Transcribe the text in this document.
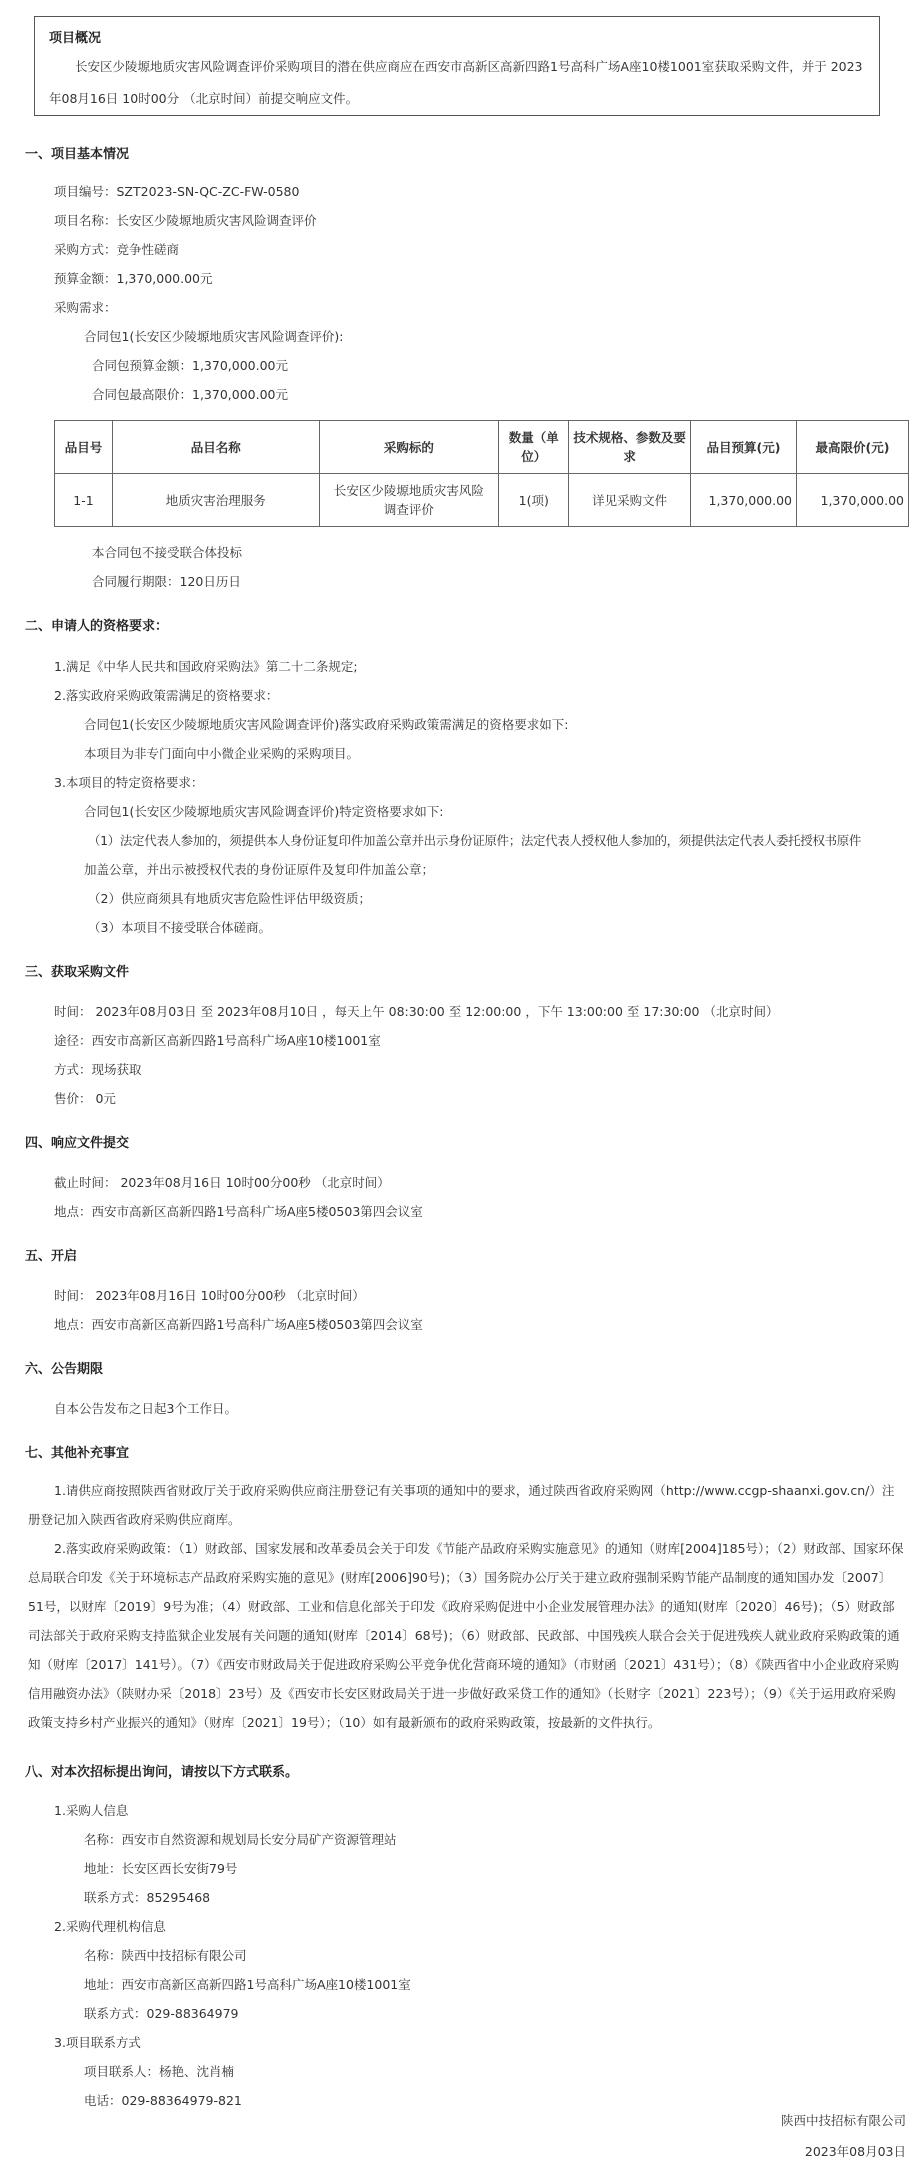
项目概况
长安区少陵塬地质灾害风险调查评价采购项目的潜在供应商应在西安市高新区高新四路1号高科广场A座10楼1001室获取采购文件，并于 2023年08月16日 10时00分 （北京时间）前提交响应文件。
一、项目基本情况
项目编号：SZT2023-SN-QC-ZC-FW-0580
项目名称：长安区少陵塬地质灾害风险调查评价
采购方式：竞争性磋商
预算金额：1,370,000.00元
采购需求：
合同包1(长安区少陵塬地质灾害风险调查评价):
合同包预算金额：1,370,000.00元
合同包最高限价：1,370,000.00元
品目号	品目名称	采购标的	数量（单位）	技术规格、参数及要求	品目预算(元)	最高限价(元)
1-1	地质灾害治理服务	长安区少陵塬地质灾害风险调查评价	1(项)	详见采购文件	1,370,000.00	1,370,000.00
本合同包不接受联合体投标
合同履行期限：120日历日
二、申请人的资格要求：
1.满足《中华人民共和国政府采购法》第二十二条规定;
2.落实政府采购政策需满足的资格要求：
合同包1(长安区少陵塬地质灾害风险调查评价)落实政府采购政策需满足的资格要求如下:
本项目为非专门面向中小微企业采购的采购项目。
3.本项目的特定资格要求：
合同包1(长安区少陵塬地质灾害风险调查评价)特定资格要求如下:
（1）法定代表人参加的，须提供本人身份证复印件加盖公章并出示身份证原件；法定代表人授权他人参加的，须提供法定代表人委托授权书原件
加盖公章，并出示被授权代表的身份证原件及复印件加盖公章；
（2）供应商须具有地质灾害危险性评估甲级资质；
（3）本项目不接受联合体磋商。
三、获取采购文件
时间： 2023年08月03日 至 2023年08月10日 ，每天上午 08:30:00 至 12:00:00 ，下午 13:00:00 至 17:30:00 （北京时间）
途径：西安市高新区高新四路1号高科广场A座10楼1001室
方式：现场获取
售价： 0元
四、响应文件提交
截止时间： 2023年08月16日 10时00分00秒 （北京时间）
地点：西安市高新区高新四路1号高科广场A座5楼0503第四会议室
五、开启
时间： 2023年08月16日 10时00分00秒 （北京时间）
地点：西安市高新区高新四路1号高科广场A座5楼0503第四会议室
六、公告期限
自本公告发布之日起3个工作日。
七、其他补充事宜
1.请供应商按照陕西省财政厅关于政府采购供应商注册登记有关事项的通知中的要求，通过陕西省政府采购网（http://www.ccgp-shaanxi.gov.cn/）注册登记加入陕西省政府采购供应商库。
2.落实政府采购政策：（1）财政部、国家发展和改革委员会关于印发《节能产品政府采购实施意见》的通知（财库[2004]185号）；（2）财政部、国家环保总局联合印发《关于环境标志产品政府采购实施的意见》(财库[2006]90号)；（3）国务院办公厅关于建立政府强制采购节能产品制度的通知国办发〔2007〕51号，以财库〔2019〕9号为准；（4）财政部、工业和信息化部关于印发《政府采购促进中小企业发展管理办法》的通知(财库〔2020〕46号)；（5）财政部 司法部关于政府采购支持监狱企业发展有关问题的通知(财库〔2014〕68号)；（6）财政部、民政部、中国残疾人联合会关于促进残疾人就业政府采购政策的通知（财库〔2017〕141号）。（7）《西安市财政局关于促进政府采购公平竞争优化营商环境的通知》（市财函〔2021〕431号）；（8）《陕西省中小企业政府采购信用融资办法》（陕财办采〔2018〕23号）及《西安市长安区财政局关于进一步做好政采贷工作的通知》（长财字〔2021〕223号）；（9）《关于运用政府采购政策支持乡村产业振兴的通知》（财库〔2021〕19号）；（10）如有最新颁布的政府采购政策，按最新的文件执行。
八、对本次招标提出询问，请按以下方式联系。
1.采购人信息
名称：西安市自然资源和规划局长安分局矿产资源管理站
地址：长安区西长安街79号
联系方式：85295468
2.采购代理机构信息
名称：陕西中技招标有限公司
地址：西安市高新区高新四路1号高科广场A座10楼1001室
联系方式：029-88364979
3.项目联系方式
项目联系人：杨艳、沈肖楠
电话：029-88364979-821
陕西中技招标有限公司
2023年08月03日
